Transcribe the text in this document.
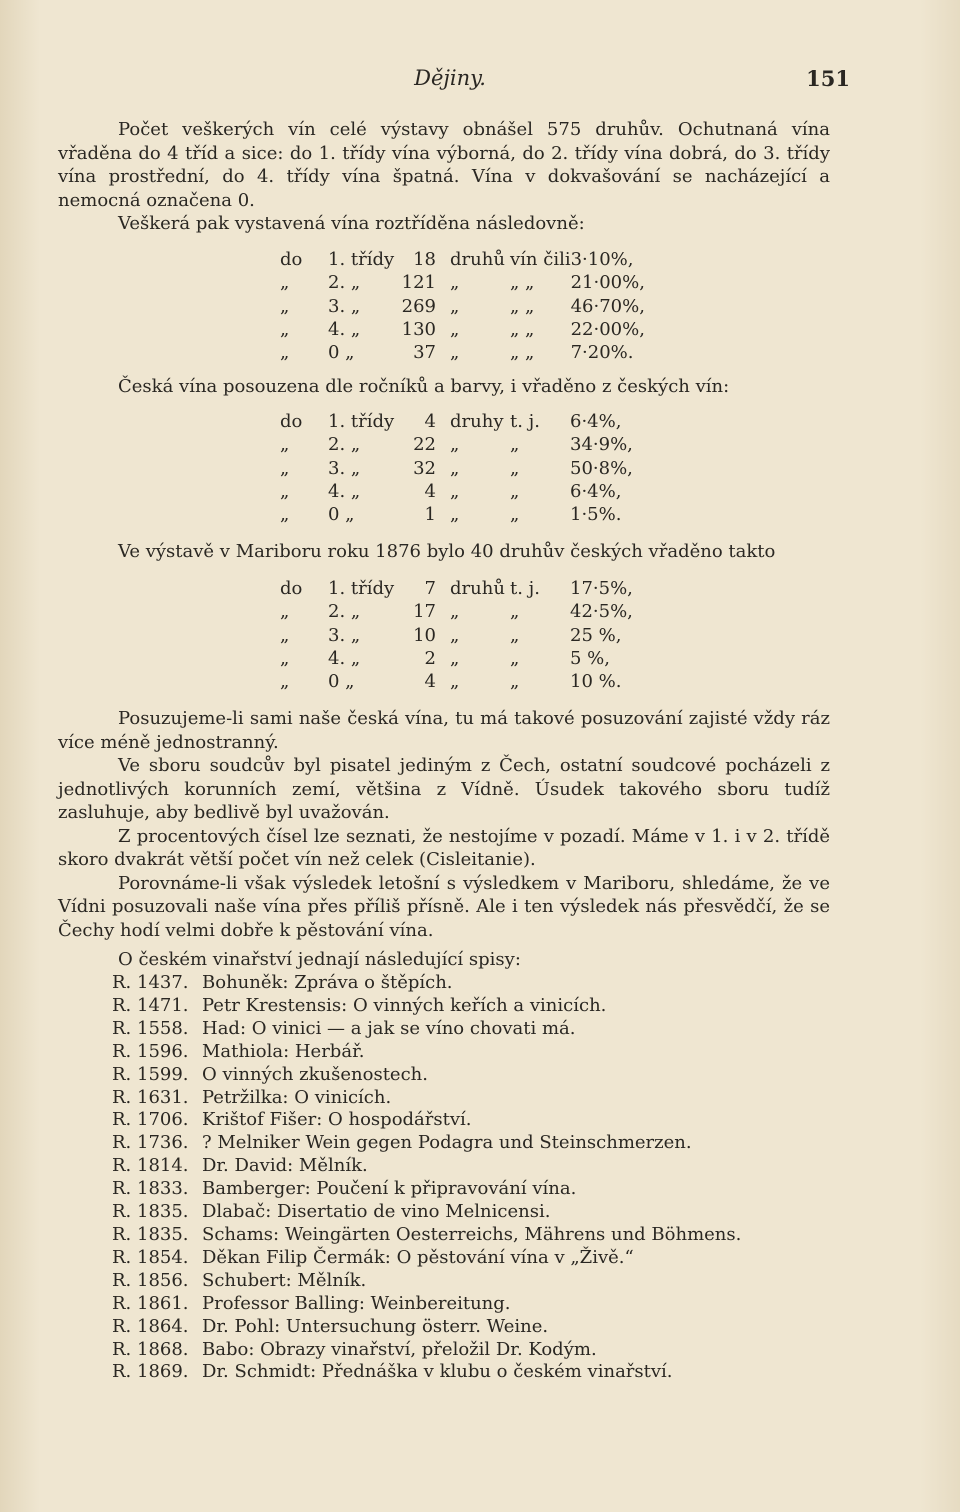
Dějiny.	151

Počet veškerých vín celé výstavy obnášel 575 druhův. Ochutnaná vína vřaděna do 4 tříd a sice: do 1. třídy vína výborná, do 2. třídy vína dobrá, do 3. třídy vína prostřední, do 4. třídy vína špatná. Vína v dokvašování se nacházející a nemocná označena 0.

Veškerá pak vystavená vína roztříděna následovně:

do	1. třídy	18	druhů	vín čili	3·10%,
„	2. „	121	„	„ „	21·00%,
„	3. „	269	„	„ „	46·70%,
„	4. „	130	„	„ „	22·00%,
„	0 „	37	„	„ „	7·20%.

Česká vína posouzena dle ročníků a barvy, i vřaděno z českých vín:

do	1. třídy	4	druhy	t. j.	6·4%,
„	2. „	22	„	„	34·9%,
„	3. „	32	„	„	50·8%,
„	4. „	4	„	„	6·4%,
„	0 „	1	„	„	1·5%.

Ve výstavě v Mariboru roku 1876 bylo 40 druhův českých vřaděno takto

do	1. třídy	7	druhů	t. j.	17·5%,
„	2. „	17	„	„	42·5%,
„	3. „	10	„	„	25 %,
„	4. „	2	„	„	5 %,
„	0 „	4	„	„	10 %.

Posuzujeme-li sami naše česká vína, tu má takové posuzování zajisté vždy ráz více méně jednostranný.

Ve sboru soudcův byl pisatel jediným z Čech, ostatní soudcové pocházeli z jednotlivých korunních zemí, většina z Vídně. Úsudek takového sboru tudíž zasluhuje, aby bedlivě byl uvažován.

Z procentových čísel lze seznati, že nestojíme v pozadí. Máme v 1. i v 2. třídě skoro dvakrát větší počet vín než celek (Cisleitanie).

Porovnáme-li však výsledek letošní s výsledkem v Mariboru, shledáme, že ve Vídni posuzovali naše vína přes příliš přísně. Ale i ten výsledek nás přesvědčí, že se Čechy hodí velmi dobře k pěstování vína.

O českém vinařství jednají následující spisy:

R. 1437. Bohuněk: Zpráva o štěpích.
R. 1471. Petr Krestensis: O vinných keřích a vinicích.
R. 1558. Had: O vinici — a jak se víno chovati má.
R. 1596. Mathiola: Herbář.
R. 1599. O vinných zkušenostech.
R. 1631. Petržilka: O vinicích.
R. 1706. Krištof Fišer: O hospodářství.
R. 1736. ? Melniker Wein gegen Podagra und Steinschmerzen.
R. 1814. Dr. David: Mělník.
R. 1833. Bamberger: Poučení k připravování vína.
R. 1835. Dlabač: Disertatio de vino Melnicensi.
R. 1835. Schams: Weingärten Oesterreichs, Mährens und Böhmens.
R. 1854. Děkan Filip Čermák: O pěstování vína v „Živě.“
R. 1856. Schubert: Mělník.
R. 1861. Professor Balling: Weinbereitung.
R. 1864. Dr. Pohl: Untersuchung österr. Weine.
R. 1868. Babo: Obrazy vinařství, přeložil Dr. Kodým.
R. 1869. Dr. Schmidt: Přednáška v klubu o českém vinařství.
